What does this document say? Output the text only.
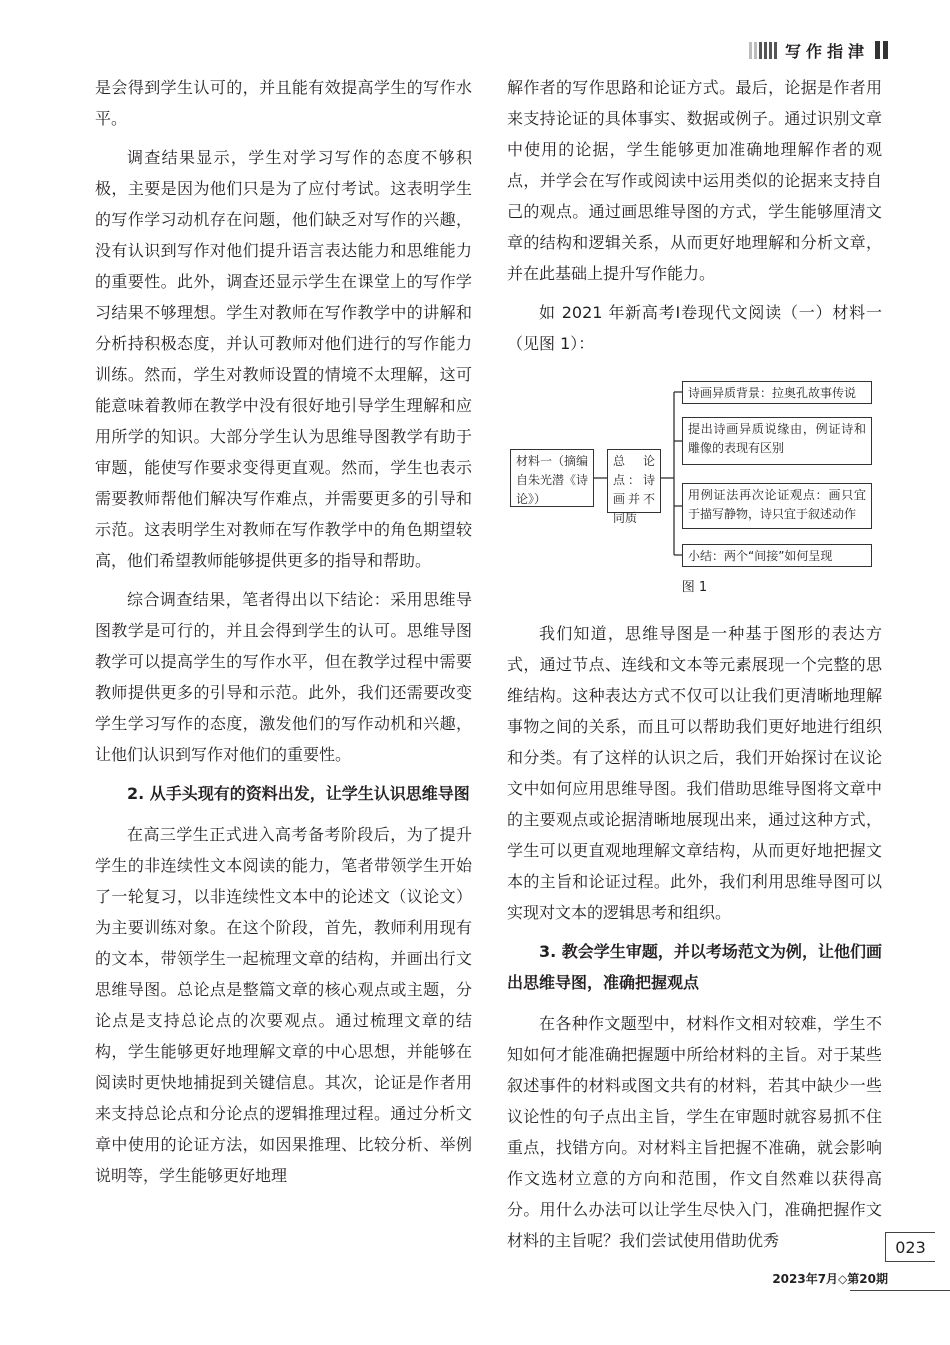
写作指津

是会得到学生认可的，并且能有效提高学生的写作水平。

调查结果显示，学生对学习写作的态度不够积极，主要是因为他们只是为了应付考试。这表明学生的写作学习动机存在问题，他们缺乏对写作的兴趣，没有认识到写作对他们提升语言表达能力和思维能力的重要性。此外，调查还显示学生在课堂上的写作学习结果不够理想。学生对教师在写作教学中的讲解和分析持积极态度，并认可教师对他们进行的写作能力训练。然而，学生对教师设置的情境不太理解，这可能意味着教师在教学中没有很好地引导学生理解和应用所学的知识。大部分学生认为思维导图教学有助于审题，能使写作要求变得更直观。然而，学生也表示需要教师帮他们解决写作难点，并需要更多的引导和示范。这表明学生对教师在写作教学中的角色期望较高，他们希望教师能够提供更多的指导和帮助。

综合调查结果，笔者得出以下结论：采用思维导图教学是可行的，并且会得到学生的认可。思维导图教学可以提高学生的写作水平，但在教学过程中需要教师提供更多的引导和示范。此外，我们还需要改变学生学习写作的态度，激发他们的写作动机和兴趣，让他们认识到写作对他们的重要性。

2. 从手头现有的资料出发，让学生认识思维导图

在高三学生正式进入高考备考阶段后，为了提升学生的非连续性文本阅读的能力，笔者带领学生开始了一轮复习，以非连续性文本中的论述文（议论文）为主要训练对象。在这个阶段，首先，教师利用现有的文本，带领学生一起梳理文章的结构，并画出行文思维导图。总论点是整篇文章的核心观点或主题，分论点是支持总论点的次要观点。通过梳理文章的结构，学生能够更好地理解文章的中心思想，并能够在阅读时更快地捕捉到关键信息。其次，论证是作者用来支持总论点和分论点的逻辑推理过程。通过分析文章中使用的论证方法，如因果推理、比较分析、举例说明等，学生能够更好地理

解作者的写作思路和论证方式。最后，论据是作者用来支持论证的具体事实、数据或例子。通过识别文章中使用的论据，学生能够更加准确地理解作者的观点，并学会在写作或阅读中运用类似的论据来支持自己的观点。通过画思维导图的方式，学生能够厘清文章的结构和逻辑关系，从而更好地理解和分析文章，并在此基础上提升写作能力。

如 2021 年新高考Ⅰ卷现代文阅读（一）材料一（见图 1）：

材料一（摘编自朱光潜《诗论》）
总论点：诗画并不同质
诗画异质背景：拉奥孔故事传说
提出诗画异质说缘由，例证诗和雕像的表现有区别
用例证法再次论证观点：画只宜于描写静物，诗只宜于叙述动作
小结：两个“间接”如何呈现
图 1

我们知道，思维导图是一种基于图形的表达方式，通过节点、连线和文本等元素展现一个完整的思维结构。这种表达方式不仅可以让我们更清晰地理解事物之间的关系，而且可以帮助我们更好地进行组织和分类。有了这样的认识之后，我们开始探讨在议论文中如何应用思维导图。我们借助思维导图将文章中的主要观点或论据清晰地展现出来，通过这种方式，学生可以更直观地理解文章结构，从而更好地把握文本的主旨和论证过程。此外，我们利用思维导图可以实现对文本的逻辑思考和组织。

3. 教会学生审题，并以考场范文为例，让他们画出思维导图，准确把握观点

在各种作文题型中，材料作文相对较难，学生不知如何才能准确把握题中所给材料的主旨。对于某些叙述事件的材料或图文共有的材料，若其中缺少一些议论性的句子点出主旨，学生在审题时就容易抓不住重点，找错方向。对材料主旨把握不准确，就会影响作文选材立意的方向和范围，作文自然难以获得高分。用什么办法可以让学生尽快入门，准确把握作文材料的主旨呢？我们尝试使用借助优秀	023
2023年7月◇第20期
